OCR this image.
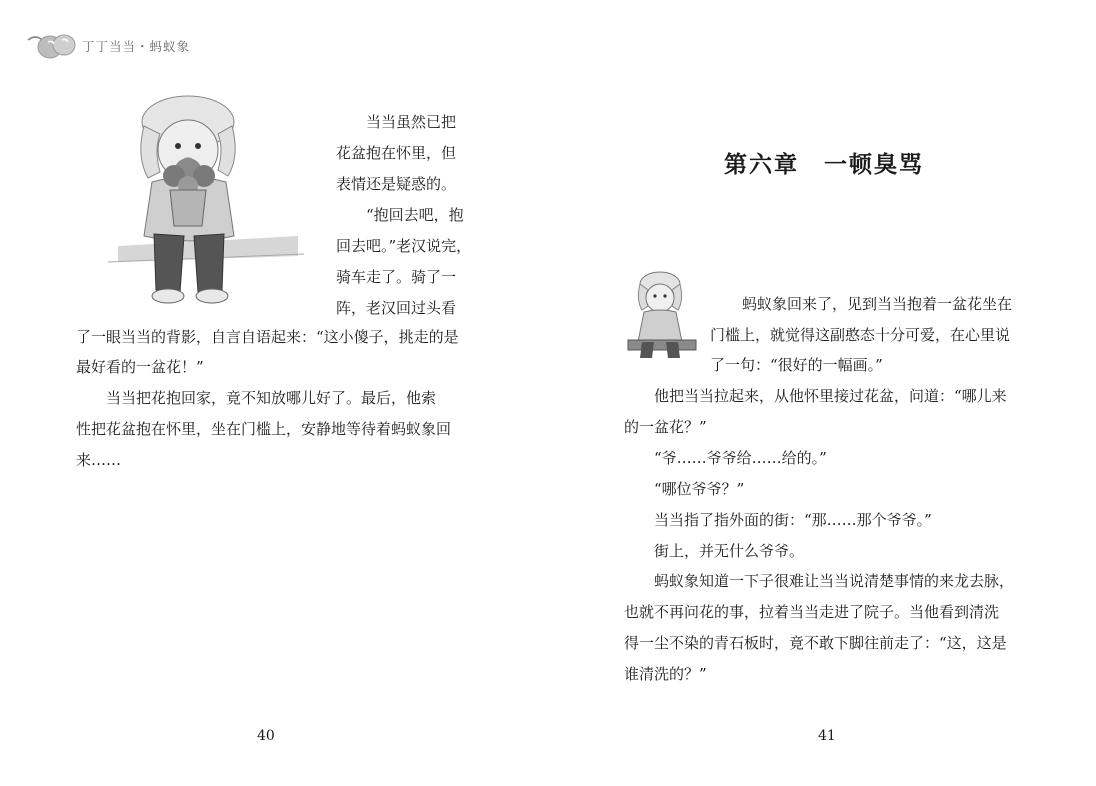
丁丁当当・蚂蚁象

当当虽然已把

花盆抱在怀里，但

表情还是疑惑的。

“抱回去吧，抱

回去吧。”老汉说完，

骑车走了。骑了一

阵，老汉回过头看

了一眼当当的背影，自言自语起来：“这小傻子，挑走的是

最好看的一盆花！”

当当把花抱回家，竟不知放哪儿好了。最后，他索

性把花盆抱在怀里，坐在门槛上，安静地等待着蚂蚁象回

来……

40
第六章　一顿臭骂

蚂蚁象回来了，见到当当抱着一盆花坐在

门槛上，就觉得这副憨态十分可爱，在心里说

了一句：“很好的一幅画。”

他把当当拉起来，从他怀里接过花盆，问道：“哪儿来

的一盆花？”

“爷……爷爷给……给的。”

“哪位爷爷？”

当当指了指外面的街：“那……那个爷爷。”

街上，并无什么爷爷。

蚂蚁象知道一下子很难让当当说清楚事情的来龙去脉，

也就不再问花的事，拉着当当走进了院子。当他看到清洗

得一尘不染的青石板时，竟不敢下脚往前走了：“这，这是

谁清洗的？”

41
